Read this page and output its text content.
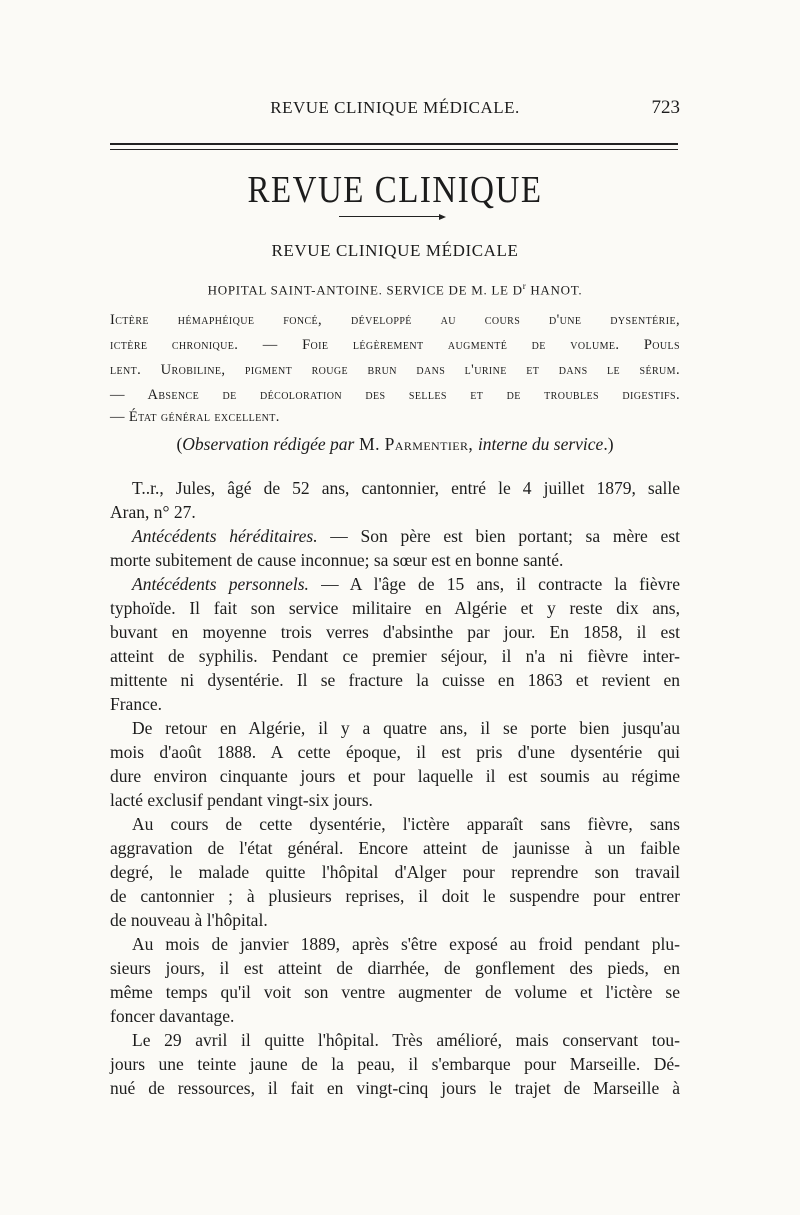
REVUE CLINIQUE MÉDICALE.	723
REVUE CLINIQUE
REVUE CLINIQUE MÉDICALE
HOPITAL SAINT-ANTOINE. SERVICE DE M. LE $D^r$ HANOT.
Ictère hémaphéique foncé, développé au cours d'une dysentérie,
ictère chronique. — Foie légèrement augmenté de volume. Pouls
lent. Urobiline, pigment rouge brun dans l'urine et dans le sérum.
— Absence de décoloration des selles et de troubles digestifs.
— État général excellent.
(Observation rédigée par M. Parmentier, interne du service.)
T..r., Jules, âgé de 52 ans, cantonnier, entré le 4 juillet 1879, salle
Aran, n° 27.
Antécédents héréditaires. — Son père est bien portant; sa mère est
morte subitement de cause inconnue; sa sœur est en bonne santé.
Antécédents personnels. — A l'âge de 15 ans, il contracte la fièvre
typhoïde. Il fait son service militaire en Algérie et y reste dix ans,
buvant en moyenne trois verres d'absinthe par jour. En 1858, il est
atteint de syphilis. Pendant ce premier séjour, il n'a ni fièvre inter-
mittente ni dysentérie. Il se fracture la cuisse en 1863 et revient en
France.
De retour en Algérie, il y a quatre ans, il se porte bien jusqu'au
mois d'août 1888. A cette époque, il est pris d'une dysentérie qui
dure environ cinquante jours et pour laquelle il est soumis au régime
lacté exclusif pendant vingt-six jours.
Au cours de cette dysentérie, l'ictère apparaît sans fièvre, sans
aggravation de l'état général. Encore atteint de jaunisse à un faible
degré, le malade quitte l'hôpital d'Alger pour reprendre son travail
de cantonnier ; à plusieurs reprises, il doit le suspendre pour entrer
de nouveau à l'hôpital.
Au mois de janvier 1889, après s'être exposé au froid pendant plu-
sieurs jours, il est atteint de diarrhée, de gonflement des pieds, en
même temps qu'il voit son ventre augmenter de volume et l'ictère se
foncer davantage.
Le 29 avril il quitte l'hôpital. Très amélioré, mais conservant tou-
jours une teinte jaune de la peau, il s'embarque pour Marseille. Dé-
nué de ressources, il fait en vingt-cinq jours le trajet de Marseille à
